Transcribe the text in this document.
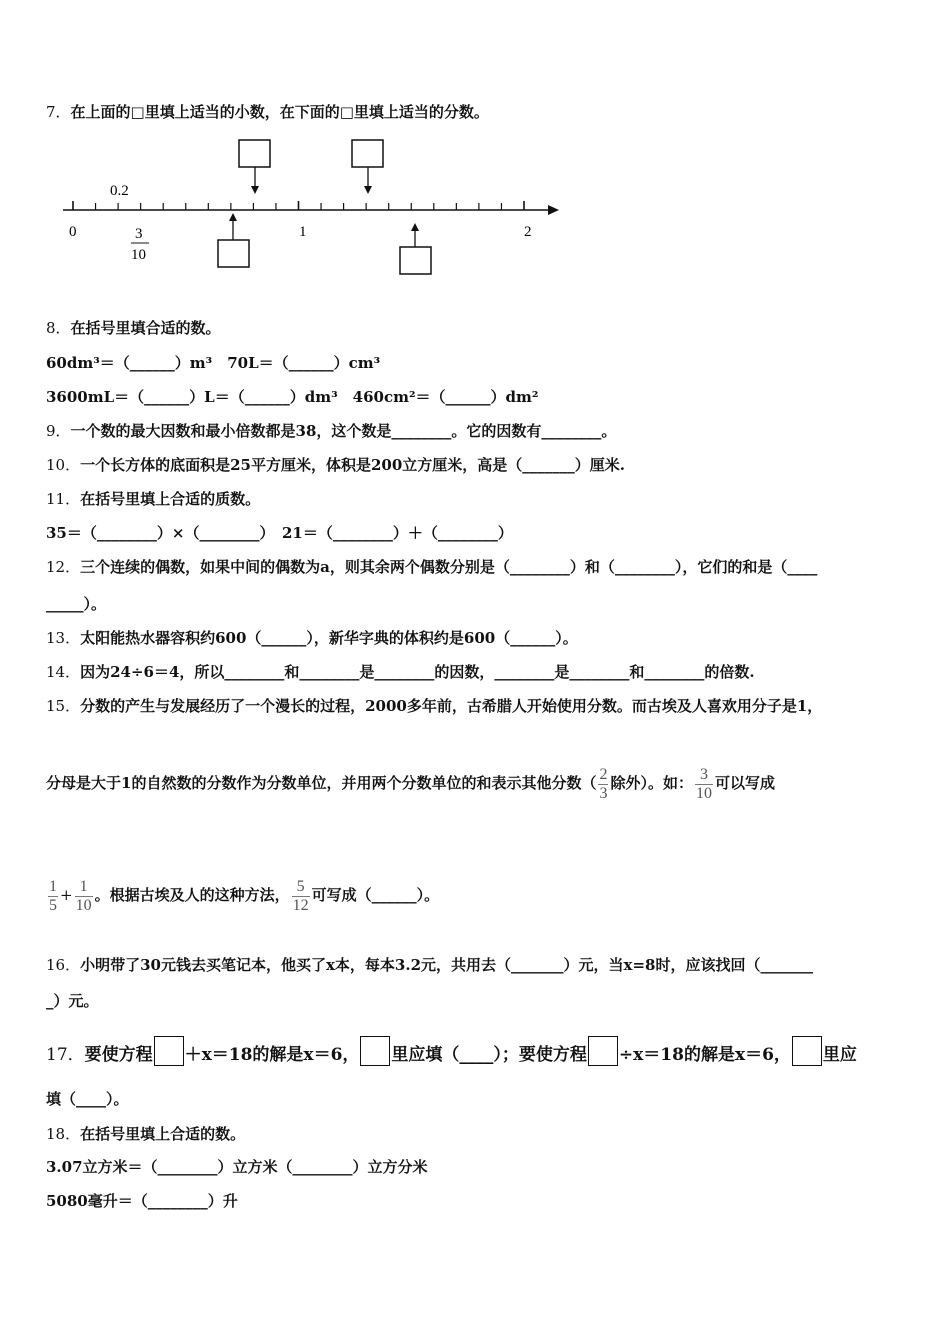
7．在上面的□里填上适当的小数，在下面的□里填上适当的分数。
0.2
0	1	2
3
10
8．在括号里填合适的数。
60dm³＝（______）m³　70L＝（______）cm³
3600mL＝（______）L＝（______）dm³　460cm²＝（______）dm²
9．一个数的最大因数和最小倍数都是38，这个数是________。它的因数有________。
10．一个长方体的底面积是25平方厘米，体积是200立方厘米，高是（_______）厘米.
11．在括号里填上合适的质数。
35＝（________）×（________）　21＝（________）＋（________）
12．三个连续的偶数，如果中间的偶数为a，则其余两个偶数分别是（________）和（________），它们的和是（____
_____）。
13．太阳能热水器容积约600（______），新华字典的体积约是600（______）。
14．因为24÷6＝4，所以________和________是________的因数，________是________和________的倍数.
15．分数的产生与发展经历了一个漫长的过程，2000多年前，古希腊人开始使用分数。而古埃及人喜欢用分子是1，
分母是大于1的自然数的分数作为分数单位，并用两个分数单位的和表示其他分数（ $\frac{2}{3}$ 除外）。如： $\frac{3}{10}$ 可以写成
$\frac{1}{5} + \frac{1}{10}$ 。根据古埃及人的这种方法， $\frac{5}{12}$ 可写成（______）。
16．小明带了30元钱去买笔记本，他买了x本，每本3.2元，共用去（_______）元，当x=8时，应该找回（_______
_）元。
17．要使方程 ＋x＝18的解是x＝6， 里应填（____）；要使方程 ÷x＝18的解是x＝6， 里应
填（____）。
18．在括号里填上合适的数。
3.07立方米＝（________）立方米（________）立方分米
5080毫升＝（________）升
